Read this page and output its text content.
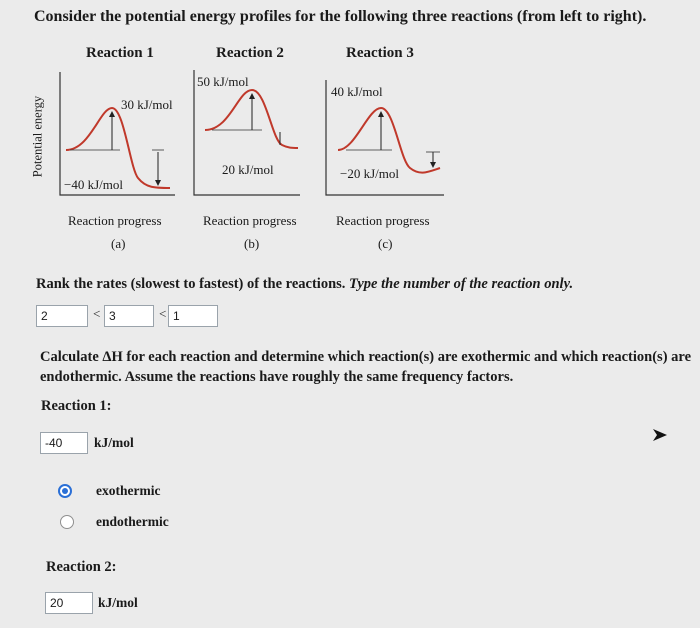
Consider the potential energy profiles for the following three reactions (from left to right).
Reaction 1	Reaction 2	Reaction 3
Potential energy	30 kJ/mol
−40 kJ/mol
50 kJ/mol
20 kJ/mol
40 kJ/mol
−20 kJ/mol
Reaction progress	Reaction progress	Reaction progress
(a)	(b)	(c)
Rank the rates (slowest to fastest) of the reactions. Type the number of the reaction only.
2	< 3	< 1
Calculate ΔH for each reaction and determine which reaction(s) are exothermic and which reaction(s) are endothermic. Assume the reactions have roughly the same frequency factors.
Reaction 1:
-40	kJ/mol
exothermic
endothermic
Reaction 2:
20	kJ/mol
